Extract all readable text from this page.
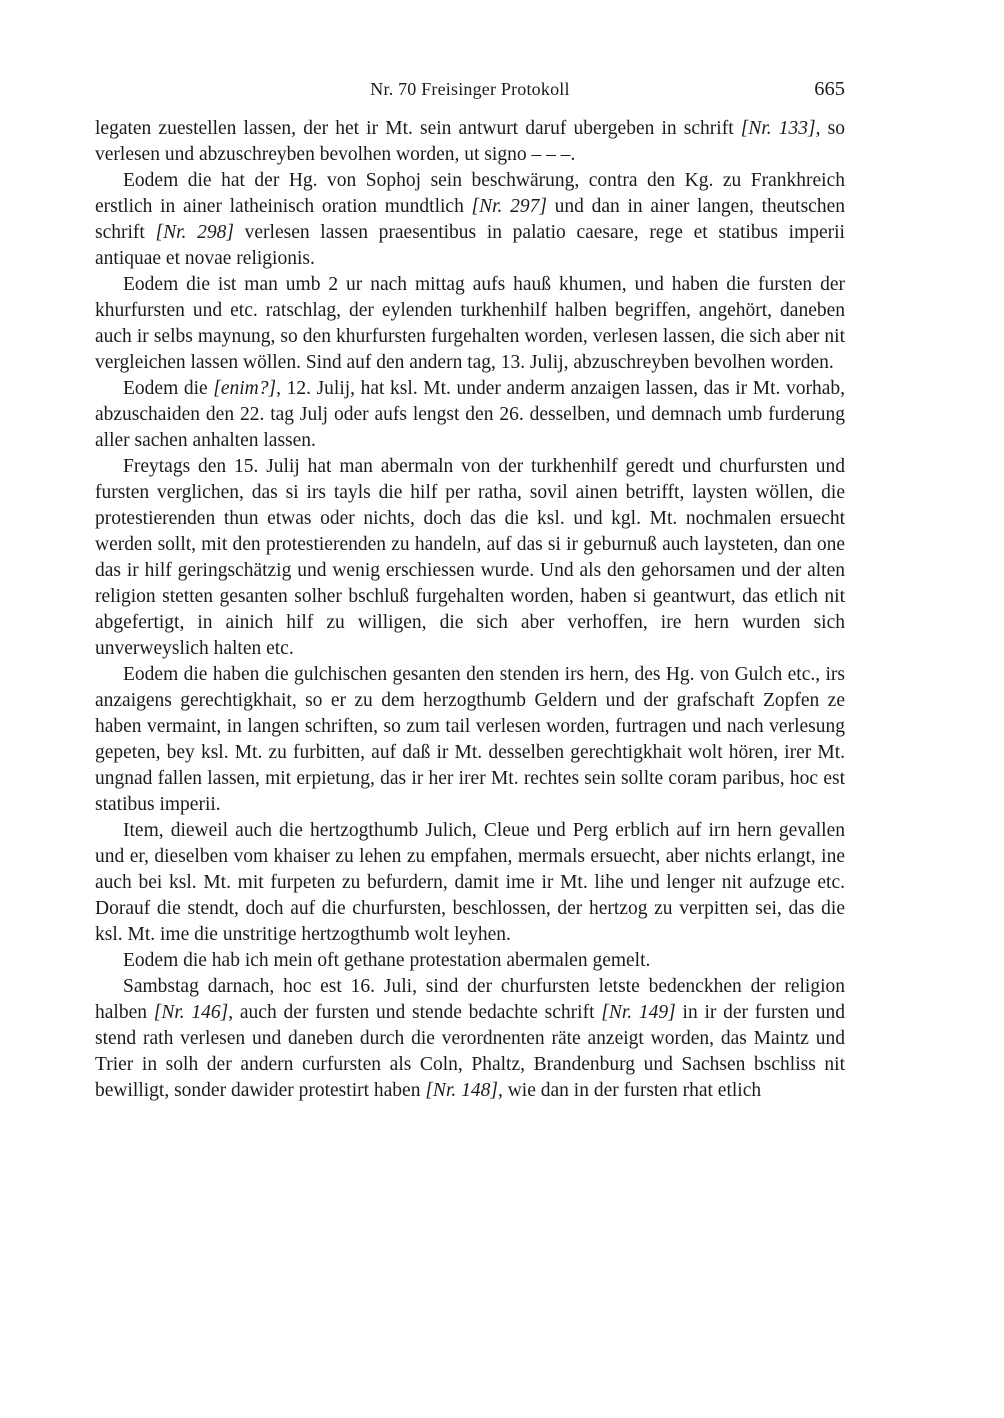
Nr. 70 Freisinger Protokoll	665

legaten zuestellen lassen, der het ir Mt. sein antwurt daruf ubergeben in schrift [Nr. 133], so verlesen und abzuschreyben bevolhen worden, ut signo – – –.

Eodem die hat der Hg. von Sophoj sein beschwärung, contra den Kg. zu Frankhreich erstlich in ainer latheinisch oration mundtlich [Nr. 297] und dan in ainer langen, theutschen schrift [Nr. 298] verlesen lassen praesentibus in palatio caesare, rege et statibus imperii antiquae et novae religionis.

Eodem die ist man umb 2 ur nach mittag aufs hauß khumen, und haben die fursten der khurfursten und etc. ratschlag, der eylenden turkhenhilf halben begriffen, angehört, daneben auch ir selbs maynung, so den khurfursten furgehalten worden, verlesen lassen, die sich aber nit vergleichen lassen wöllen. Sind auf den andern tag, 13. Julij, abzuschreyben bevolhen worden.

Eodem die [enim?], 12. Julij, hat ksl. Mt. under anderm anzaigen lassen, das ir Mt. vorhab, abzuschaiden den 22. tag Julj oder aufs lengst den 26. desselben, und demnach umb furderung aller sachen anhalten lassen.

Freytags den 15. Julij hat man abermaln von der turkhenhilf geredt und churfursten und fursten verglichen, das si irs tayls die hilf per ratha, sovil ainen betrifft, laysten wöllen, die protestierenden thun etwas oder nichts, doch das die ksl. und kgl. Mt. nochmalen ersuecht werden sollt, mit den protestierenden zu handeln, auf das si ir geburnuß auch laysteten, dan one das ir hilf geringschätzig und wenig erschiessen wurde. Und als den gehorsamen und der alten religion stetten gesanten solher bschluß furgehalten worden, haben si geantwurt, das etlich nit abgefertigt, in ainich hilf zu willigen, die sich aber verhoffen, ire hern wurden sich unverweyslich halten etc.

Eodem die haben die gulchischen gesanten den stenden irs hern, des Hg. von Gulch etc., irs anzaigens gerechtigkhait, so er zu dem herzogthumb Geldern und der grafschaft Zopfen ze haben vermaint, in langen schriften, so zum tail verlesen worden, furtragen und nach verlesung gepeten, bey ksl. Mt. zu furbitten, auf daß ir Mt. desselben gerechtigkhait wolt hören, irer Mt. ungnad fallen lassen, mit erpietung, das ir her irer Mt. rechtes sein sollte coram paribus, hoc est statibus imperii.

Item, dieweil auch die hertzogthumb Julich, Cleue und Perg erblich auf irn hern gevallen und er, dieselben vom khaiser zu lehen zu empfahen, mermals ersuecht, aber nichts erlangt, ine auch bei ksl. Mt. mit furpeten zu befurdern, damit ime ir Mt. lihe und lenger nit aufzuge etc. Dorauf die stendt, doch auf die churfursten, beschlossen, der hertzog zu verpitten sei, das die ksl. Mt. ime die unstritige hertzogthumb wolt leyhen.

Eodem die hab ich mein oft gethane protestation abermalen gemelt.

Sambstag darnach, hoc est 16. Juli, sind der churfursten letste bedenckhen der religion halben [Nr. 146], auch der fursten und stende bedachte schrift [Nr. 149] in ir der fursten und stend rath verlesen und daneben durch die verordnenten räte anzeigt worden, das Maintz und Trier in solh der andern curfursten als Coln, Phaltz, Brandenburg und Sachsen bschliss nit bewilligt, sonder dawider protestirt haben [Nr. 148], wie dan in der fursten rhat etlich
